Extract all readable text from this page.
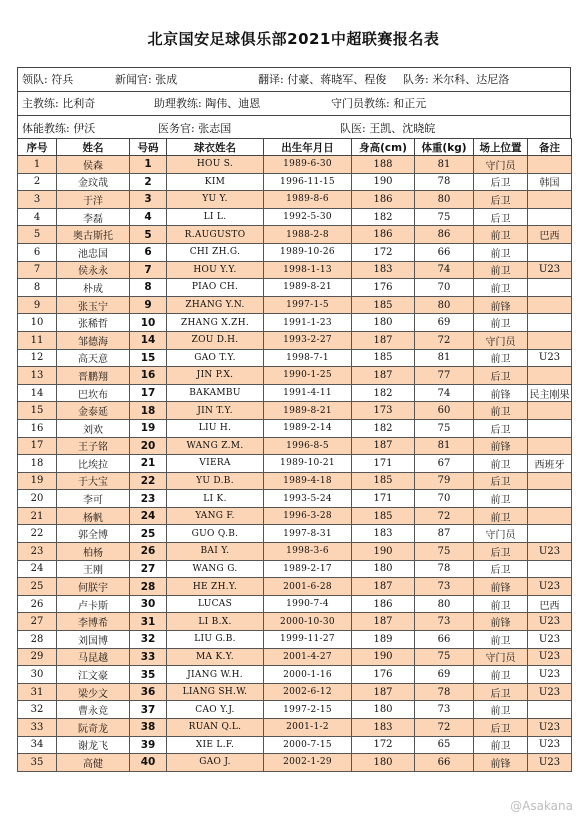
北京国安足球俱乐部2021中超联赛报名表
领队: 符兵	新闻官: 张成	翻译: 付豪、蒋晓军、程俊 队务: 米尔科、达尼洛
主教练: 比利奇	助理教练: 陶伟、迪恩	守门员教练: 和正元
体能教练: 伊沃	医务官: 张志国	队医: 王凯、沈晓皖
序号	姓名	号码	球衣姓名	出生年月日	身高(cm)	体重(kg)	场上位置	备注
1	侯森	1	HOU S.	1989-6-30	188	81	守门员	
2	金玟哉	2	KIM	1996-11-15	190	78	后卫	韩国
3	于洋	3	YU Y.	1989-8-6	186	80	后卫	
4	李磊	4	LI L.	1992-5-30	182	75	后卫	
5	奥古斯托	5	R.AUGUSTO	1988-2-8	186	86	前卫	巴西
6	池忠国	6	CHI ZH.G.	1989-10-26	172	66	前卫	
7	侯永永	7	HOU Y.Y.	1998-1-13	183	74	前卫	U23
8	朴成	8	PIAO CH.	1989-8-21	176	70	前卫	
9	张玉宁	9	ZHANG Y.N.	1997-1-5	185	80	前锋	
10	张稀哲	10	ZHANG X.ZH.	1991-1-23	180	69	前卫	
11	邹德海	14	ZOU D.H.	1993-2-27	187	72	守门员	
12	高天意	15	GAO T.Y.	1998-7-1	185	81	前卫	U23
13	晋鹏翔	16	JIN P.X.	1990-1-25	187	77	后卫	
14	巴坎布	17	BAKAMBU	1991-4-11	182	74	前锋	民主刚果
15	金泰延	18	JIN T.Y.	1989-8-21	173	60	前卫	
16	刘欢	19	LIU H.	1989-2-14	182	75	后卫	
17	王子铭	20	WANG Z.M.	1996-8-5	187	81	前锋	
18	比埃拉	21	VIERA	1989-10-21	171	67	前卫	西班牙
19	于大宝	22	YU D.B.	1989-4-18	185	79	后卫	
20	李可	23	LI K.	1993-5-24	171	70	前卫	
21	杨帆	24	YANG F.	1996-3-28	185	72	前卫	
22	郭全博	25	GUO Q.B.	1997-8-31	183	87	守门员	
23	柏杨	26	BAI Y.	1998-3-6	190	75	后卫	U23
24	王刚	27	WANG G.	1989-2-17	180	78	后卫	
25	何朕宇	28	HE ZH.Y.	2001-6-28	187	73	前锋	U23
26	卢卡斯	30	LUCAS	1990-7-4	186	80	前卫	巴西
27	李博希	31	LI B.X.	2000-10-30	187	73	前锋	U23
28	刘国博	32	LIU G.B.	1999-11-27	189	66	前卫	U23
29	马昆越	33	MA K.Y.	2001-4-27	190	75	守门员	U23
30	江文豪	35	JIANG W.H.	2000-1-16	176	69	前卫	U23
31	梁少文	36	LIANG SH.W.	2002-6-12	187	78	后卫	U23
32	曹永竞	37	CAO Y.J.	1997-2-15	180	73	前卫	
33	阮奇龙	38	RUAN Q.L.	2001-1-2	183	72	后卫	U23
34	谢龙飞	39	XIE L.F.	2000-7-15	172	65	前卫	U23
35	高健	40	GAO J.	2002-1-29	180	66	前锋	U23
@Asakana
